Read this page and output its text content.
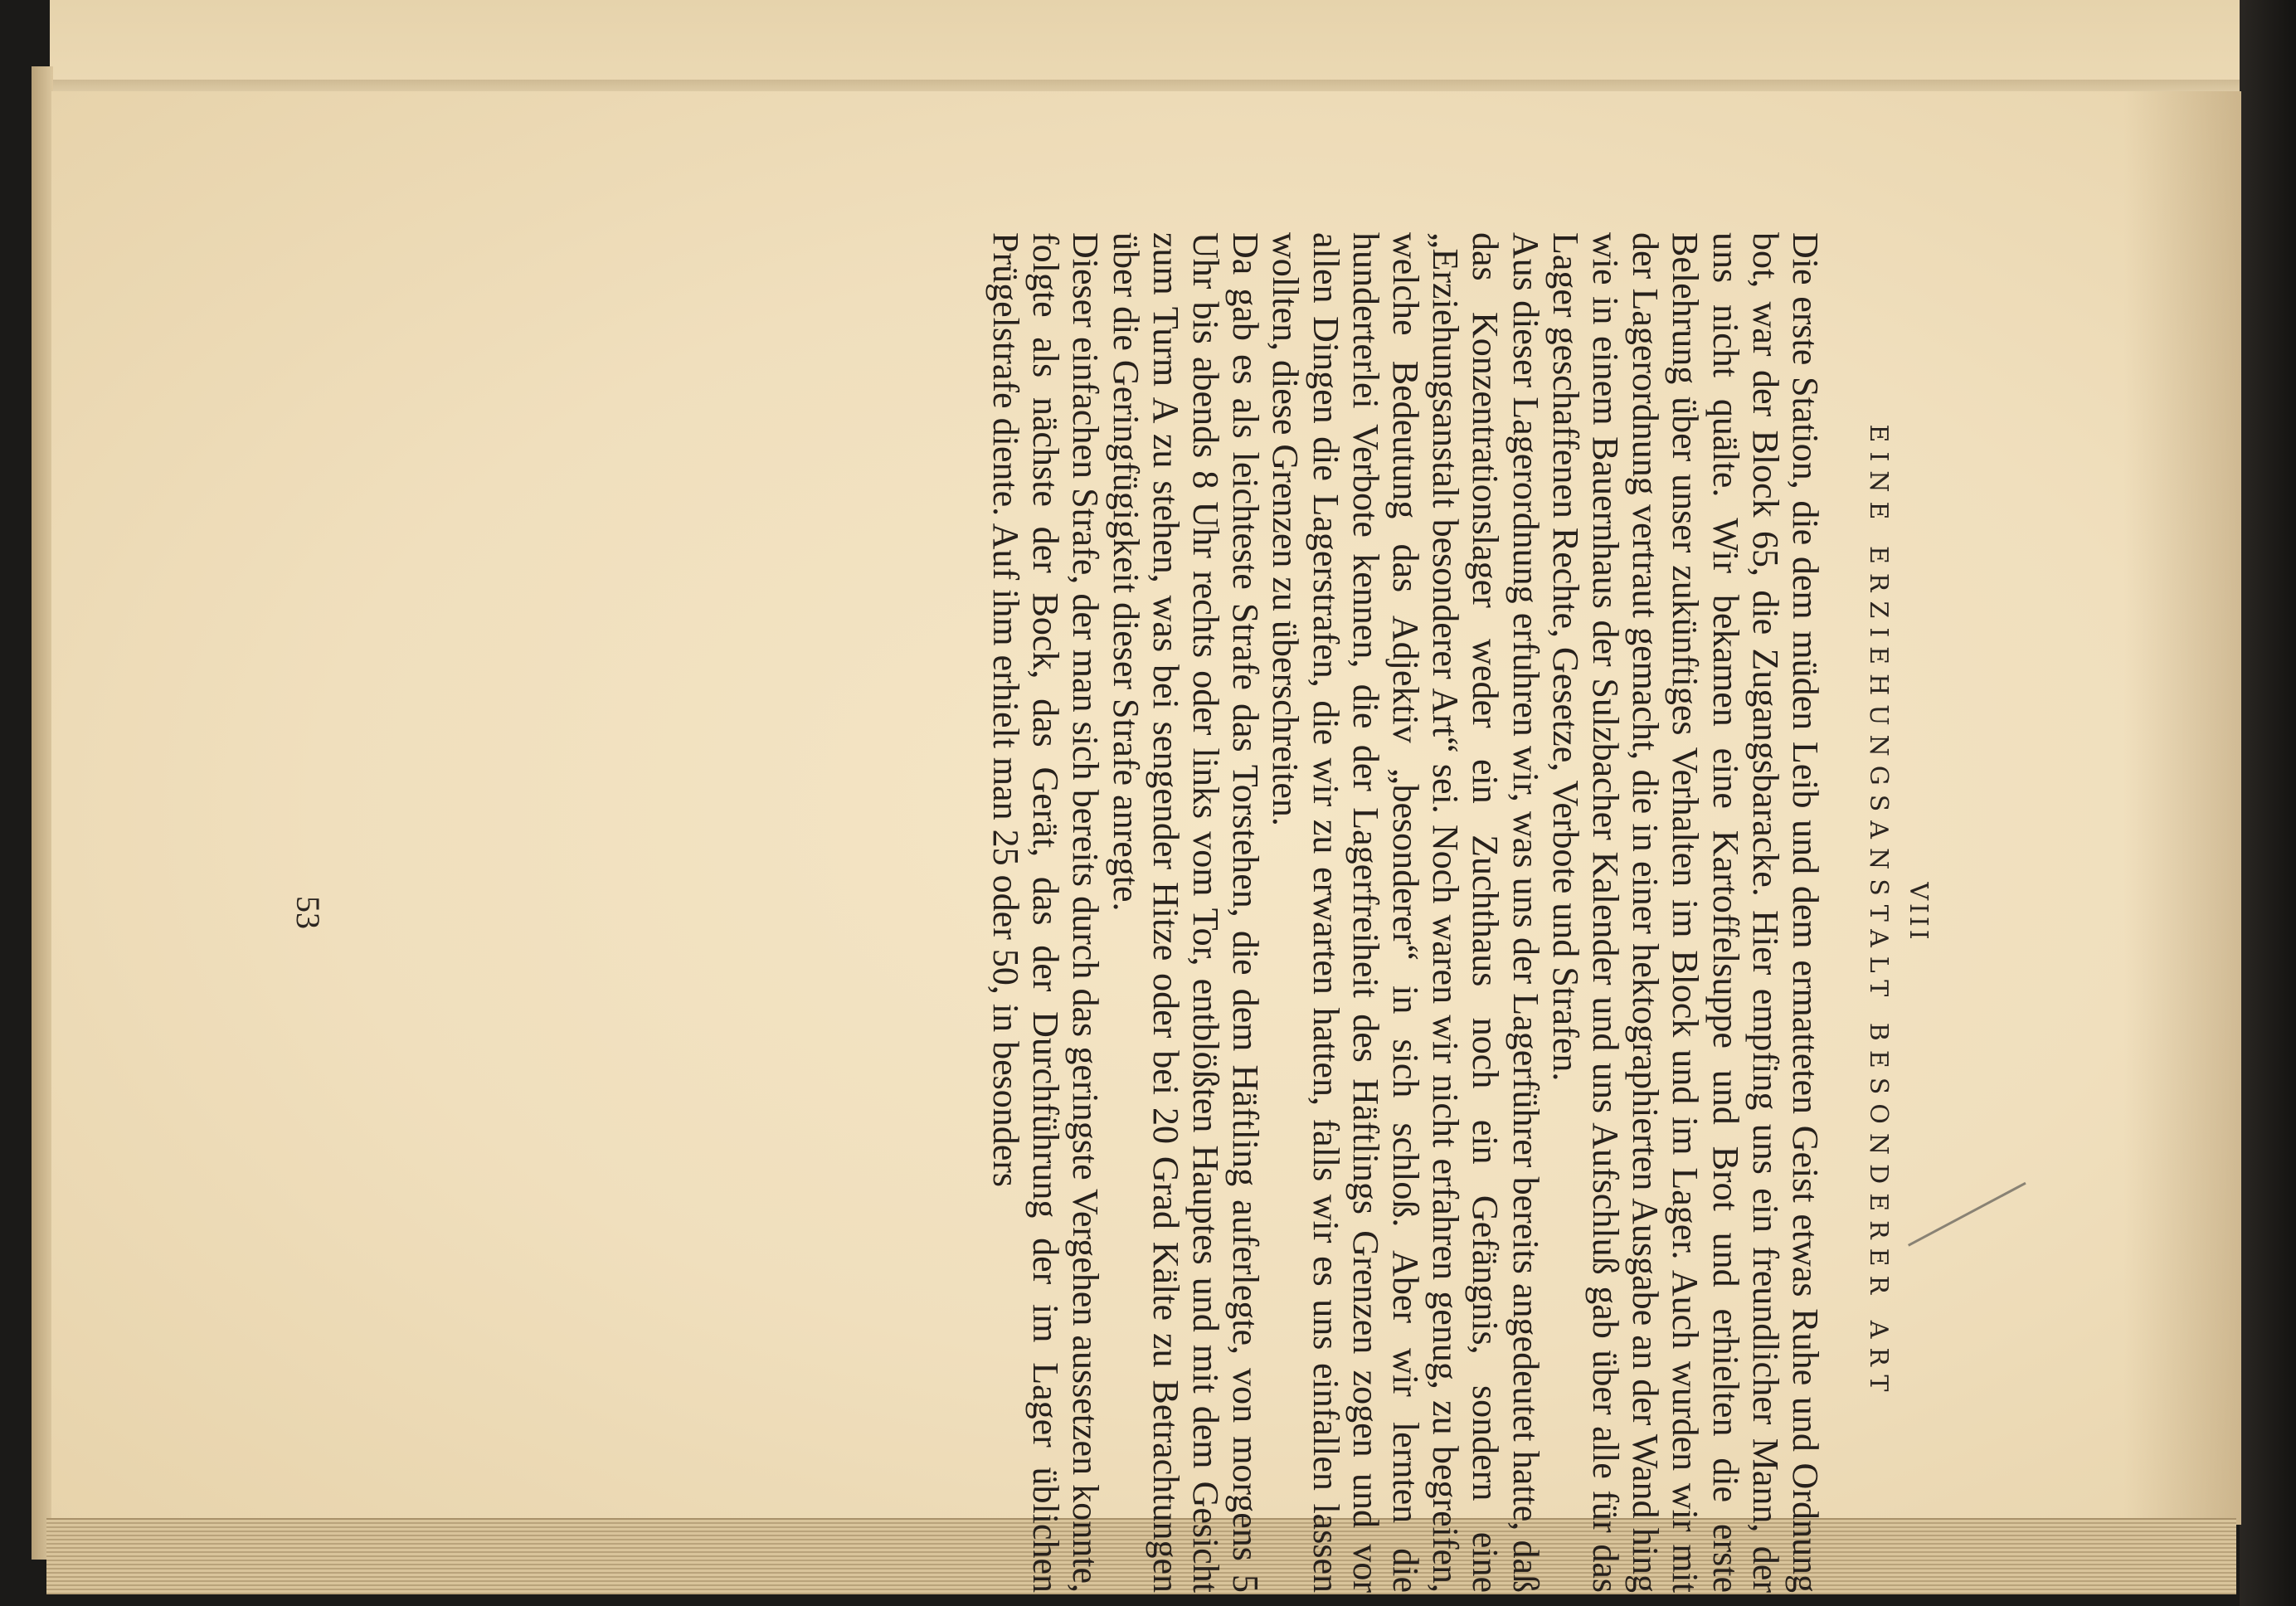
VIII
EINE ERZIEHUNGSANSTALT BESONDERER ART

Die erste Station, die dem müden Leib und dem ermatteten Geist etwas Ruhe und Ordnung bot, war der Block 65, die Zugangsbaracke. Hier empfing uns ein freundlicher Mann, der uns nicht quälte. Wir bekamen eine Kartoffelsuppe und Brot und erhielten die erste Belehrung über unser zukünftiges Verhalten im Block und im Lager. Auch wurden wir mit der Lagerordnung vertraut gemacht, die in einer hektographierten Ausgabe an der Wand hing wie in einem Bauernhaus der Sulzbacher Kalender und uns Aufschluß gab über alle für das Lager geschaffenen Rechte, Gesetze, Verbote und Strafen.

Aus dieser Lagerordnung erfuhren wir, was uns der Lagerführer bereits angedeutet hatte, daß das Konzentrationslager weder ein Zuchthaus noch ein Gefängnis, sondern eine „Erziehungsanstalt besonderer Art“ sei. Noch waren wir nicht erfahren genug, zu begreifen, welche Bedeutung das Adjektiv „besonderer“ in sich schloß. Aber wir lernten die hunderterlei Verbote kennen, die der Lagerfreiheit des Häftlings Grenzen zogen und vor allen Dingen die Lagerstrafen, die wir zu erwarten hatten, falls wir es uns einfallen lassen wollten, diese Grenzen zu überschreiten.

Da gab es als leichteste Strafe das Torstehen, die dem Häftling auferlegte, von morgens 5 Uhr bis abends 8 Uhr rechts oder links vom Tor, entblößten Hauptes und mit dem Gesicht zum Turm A zu stehen, was bei sengender Hitze oder bei 20 Grad Kälte zu Betrachtungen über die Geringfügigkeit dieser Strafe anregte.

Dieser einfachen Strafe, der man sich bereits durch das geringste Vergehen aussetzen konnte, folgte als nächste der Bock, das Gerät, das der Durchführung der im Lager üblichen Prügelstrafe diente. Auf ihm erhielt man 25 oder 50, in besonders

53
